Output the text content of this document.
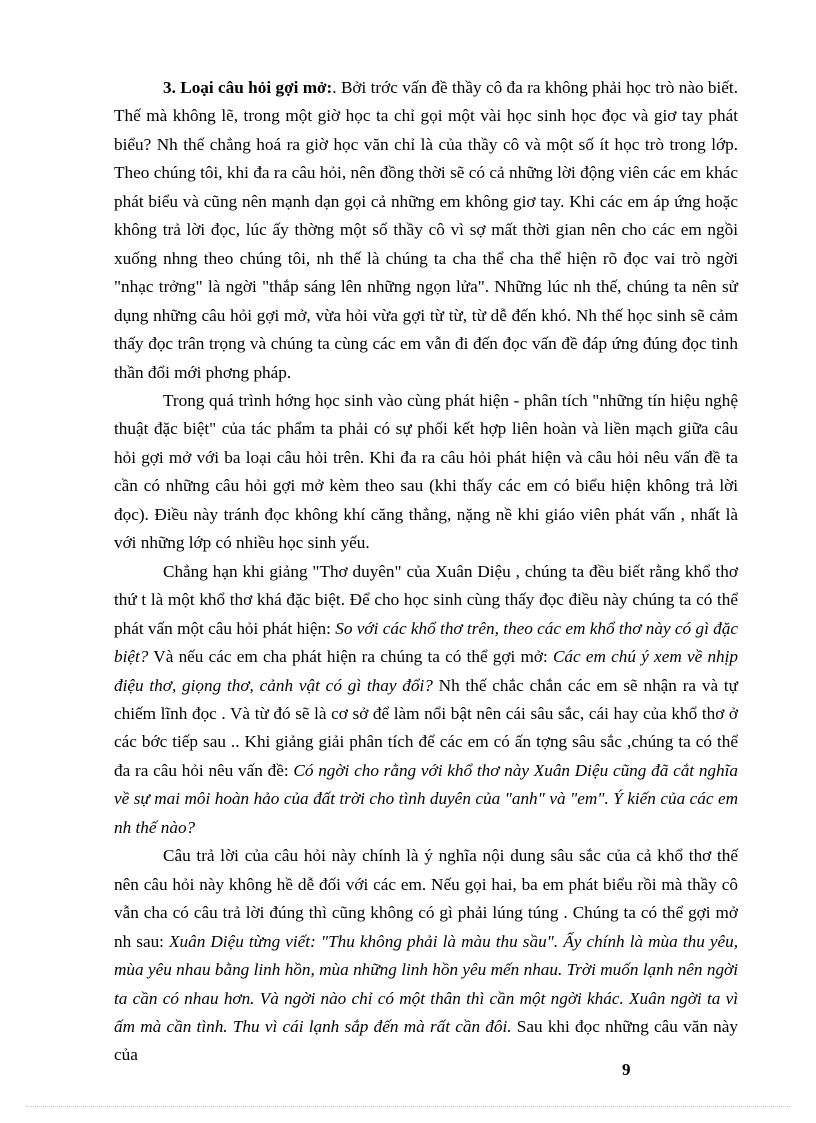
3. Loại câu hỏi gợi mở:. Bởi trớc vấn đề thầy cô đa ra không phải học trò nào biết. Thế mà không lẽ, trong một giờ học ta chỉ gọi một vài học sinh học đọc và giơ tay phát biểu? Nh thế chẳng hoá ra giờ học văn chỉ là của thầy cô và một số ít học trò trong lớp. Theo chúng tôi, khi đa ra câu hỏi, nên đồng thời sẽ có cả những lời động viên các em khác phát biểu và cũng nên mạnh dạn gọi cả những em không giơ tay. Khi các em áp ứng hoặc không trả lời đọc, lúc ấy thờng một số thầy cô vì sợ mất thời gian nên cho các em ngồi xuống nhng theo chúng tôi, nh thế là chúng ta cha thể cha thể hiện rõ đọc vai trò ngời "nhạc trởng" là ngời "thắp sáng lên những ngọn lửa". Những lúc nh thế, chúng ta nên sử dụng những câu hỏi gợi mở, vừa hỏi vừa gợi từ từ, từ dễ đến khó. Nh thế học sinh sẽ cảm thấy đọc trân trọng và chúng ta cùng các em vẫn đi đến đọc vấn đề đáp ứng đúng đọc tinh thần đổi mới phơng pháp.

Trong quá trình hớng học sinh vào cùng phát hiện - phân tích "những tín hiệu nghệ thuật đặc biệt" của tác phẩm ta phải có sự phối kết hợp liên hoàn và liền mạch giữa câu hỏi gợi mở với ba loại câu hỏi trên. Khi đa ra câu hỏi phát hiện và câu hỏi nêu vấn đề ta cần có những câu hỏi gợi mở kèm theo sau (khi thấy các em có biểu hiện không trả lời đọc). Điều này tránh đọc không khí căng thẳng, nặng nề khi giáo viên phát vấn , nhất là với những lớp có nhiều học sinh yếu.

Chẳng hạn khi giảng "Thơ duyên" của Xuân Diệu , chúng ta đều biết rằng khổ thơ thứ t là một khổ thơ khá đặc biệt. Để cho học sinh cùng thấy đọc điều này chúng ta có thể phát vấn một câu hỏi phát hiện: So với các khổ thơ trên, theo các em khổ thơ này có gì đặc biệt? Và nếu các em cha phát hiện ra chúng ta có thể gợi mở: Các em chú ý xem về nhịp điệu thơ, giọng thơ, cảnh vật có gì thay đổi? Nh thế chắc chắn các em sẽ nhận ra và tự chiếm lĩnh đọc . Và từ đó sẽ là cơ sở để làm nổi bật nên cái sâu sắc, cái hay của khổ thơ ở các bớc tiếp sau .. Khi giảng giải phân tích để các em có ấn tợng sâu sắc ,chúng ta có thể đa ra câu hỏi nêu vấn đề: Có ngời cho rằng với khổ thơ này Xuân Diệu cũng đã cắt nghĩa về sự mai môi hoàn hảo của đất trời cho tình duyên của "anh" và "em". Ý kiến của các em nh thế nào?

Câu trả lời của câu hỏi này chính là ý nghĩa nội dung sâu sắc của cả khổ thơ thế nên câu hỏi này không hề dễ đối với các em. Nếu gọi hai, ba em phát biểu rồi mà thầy cô vẫn cha có câu trả lời đúng thì cũng không có gì phải lúng túng . Chúng ta có thể gợi mở nh sau: Xuân Diệu từng viết: "Thu không phải là màu thu sầu". Ấy chính là mùa thu yêu, mùa yêu nhau bằng linh hồn, mùa những linh hồn yêu mến nhau. Trời muốn lạnh nên ngời ta cần có nhau hơn. Và ngời nào chỉ có một thân thì cần một ngời khác. Xuân ngời ta vì ấm mà cần tình. Thu vì cái lạnh sắp đến mà rất cần đôi. Sau khi đọc những câu văn này của

9
